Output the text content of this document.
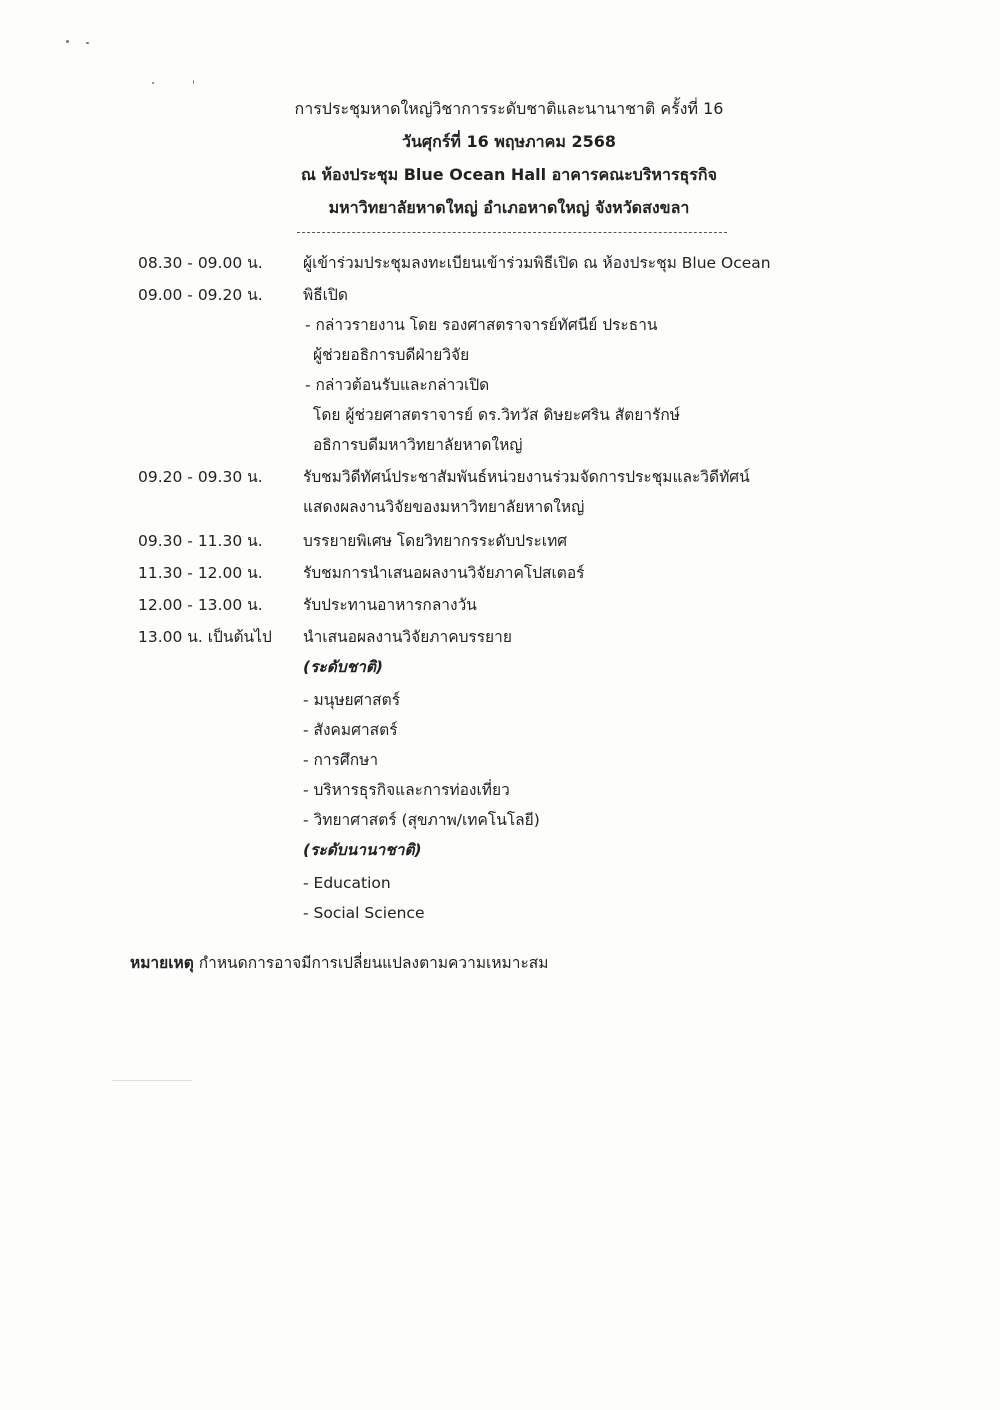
การประชุมหาดใหญ่วิชาการระดับชาติและนานาชาติ ครั้งที่ 16
วันศุกร์ที่ 16 พฤษภาคม 2568
ณ ห้องประชุม Blue Ocean Hall อาคารคณะบริหารธุรกิจ
มหาวิทยาลัยหาดใหญ่ อำเภอหาดใหญ่ จังหวัดสงขลา
08.30 - 09.00 น.	ผู้เข้าร่วมประชุมลงทะเบียนเข้าร่วมพิธีเปิด ณ ห้องประชุม Blue Ocean
09.00 - 09.20 น.	พิธีเปิด
- กล่าวรายงาน โดย รองศาสตราจารย์ทัศนีย์ ประธาน
ผู้ช่วยอธิการบดีฝ่ายวิจัย
- กล่าวต้อนรับและกล่าวเปิด
โดย ผู้ช่วยศาสตราจารย์ ดร.วิทวัส ดิษยะศริน สัตยารักษ์
อธิการบดีมหาวิทยาลัยหาดใหญ่
09.20 - 09.30 น.	รับชมวิดีทัศน์ประชาสัมพันธ์หน่วยงานร่วมจัดการประชุมและวิดีทัศน์
แสดงผลงานวิจัยของมหาวิทยาลัยหาดใหญ่
09.30 - 11.30 น.	บรรยายพิเศษ โดยวิทยากรระดับประเทศ
11.30 - 12.00 น.	รับชมการนำเสนอผลงานวิจัยภาคโปสเตอร์
12.00 - 13.00 น.	รับประทานอาหารกลางวัน
13.00 น. เป็นต้นไป	นำเสนอผลงานวิจัยภาคบรรยาย
(ระดับชาติ)
- มนุษยศาสตร์
- สังคมศาสตร์
- การศึกษา
- บริหารธุรกิจและการท่องเที่ยว
- วิทยาศาสตร์ (สุขภาพ/เทคโนโลยี)
(ระดับนานาชาติ)
- Education
- Social Science
หมายเหตุ กำหนดการอาจมีการเปลี่ยนแปลงตามความเหมาะสม
